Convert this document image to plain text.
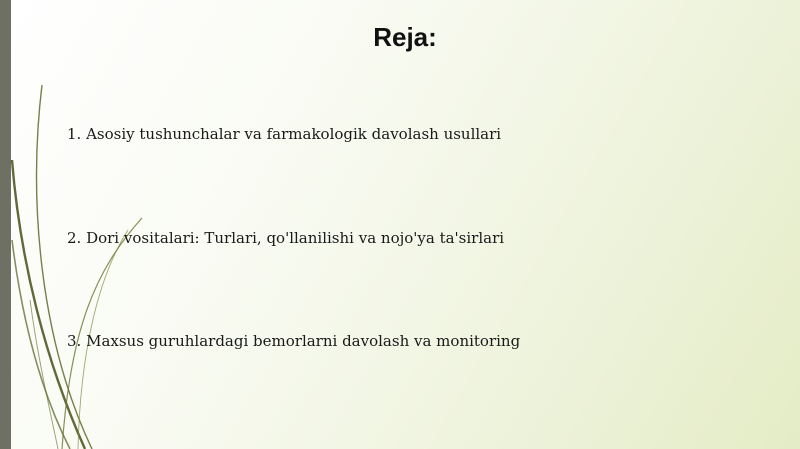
Reja:
1. Asosiy tushunchalar va farmakologik davolash usullari
2. Dori vositalari: Turlari, qo'llanilishi va nojo'ya ta'sirlari
3. Maxsus guruhlardagi bemorlarni davolash va monitoring
